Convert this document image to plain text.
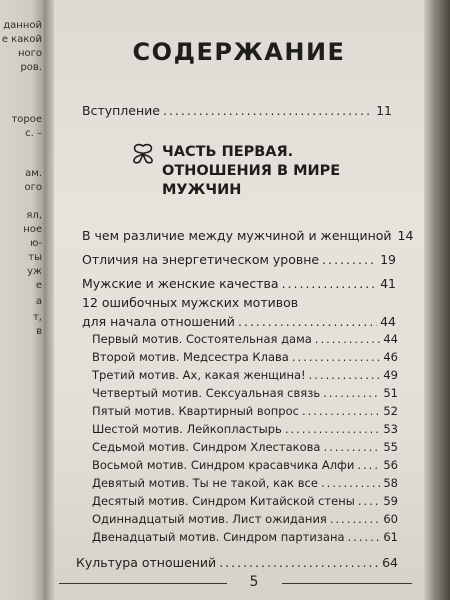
данной
е какой
ного
ров.
торое
с. –
ам.
ого
ял,
ное
ю-
ты
уж
е
а
т,
в
СОДЕРЖАНИЕ
Вступление .....	11
ЧАСТЬ ПЕРВАЯ.
ОТНОШЕНИЯ В МИРЕ
МУЖЧИН
В чем различие между мужчиной и женщиной 14
Отличия на энергетическом уровне .....	19
Мужские и женские качества .....	41
12 ошибочных мужских мотивов
для начала отношений .....	44
Первый мотив. Состоятельная дама .....	44
Второй мотив. Медсестра Клава .....	46
Третий мотив. Ах, какая женщина! .....	49
Четвертый мотив. Сексуальная связь .....	51
Пятый мотив. Квартирный вопрос .....	52
Шестой мотив. Лейкопластырь .....	53
Седьмой мотив. Синдром Хлестакова .....	55
Восьмой мотив. Синдром красавчика Алфи .....	56
Девятый мотив. Ты не такой, как все .....	58
Десятый мотив. Синдром Китайской стены ..... 59
Одиннадцатый мотив. Лист ожидания .....	60
Двенадцатый мотив. Синдром партизана .....	61
Культура отношений .....	64
5
